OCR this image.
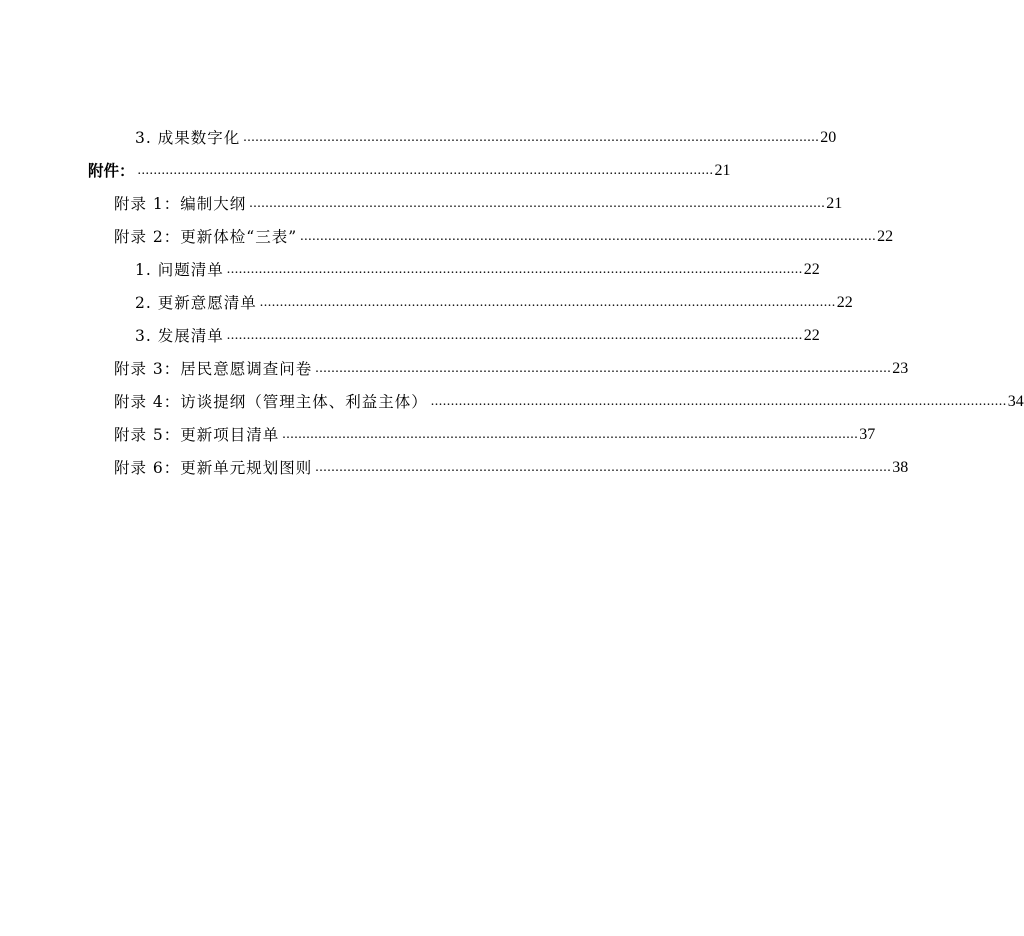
3. 成果数字化 ................................................................................................................................................ 20
附件： ................................................................................................................................................ 21
附录 1：编制大纲 ................................................................................................................................................ 21
附录 2：更新体检“三表” ................................................................................................................................................ 22
1. 问题清单 ................................................................................................................................................ 22
2. 更新意愿清单 ................................................................................................................................................ 22
3. 发展清单 ................................................................................................................................................ 22
附录 3：居民意愿调查问卷 ................................................................................................................................................ 23
附录 4：访谈提纲（管理主体、利益主体） ................................................................................................................................................ 34
附录 5：更新项目清单 ................................................................................................................................................ 37
附录 6：更新单元规划图则 ................................................................................................................................................ 38
